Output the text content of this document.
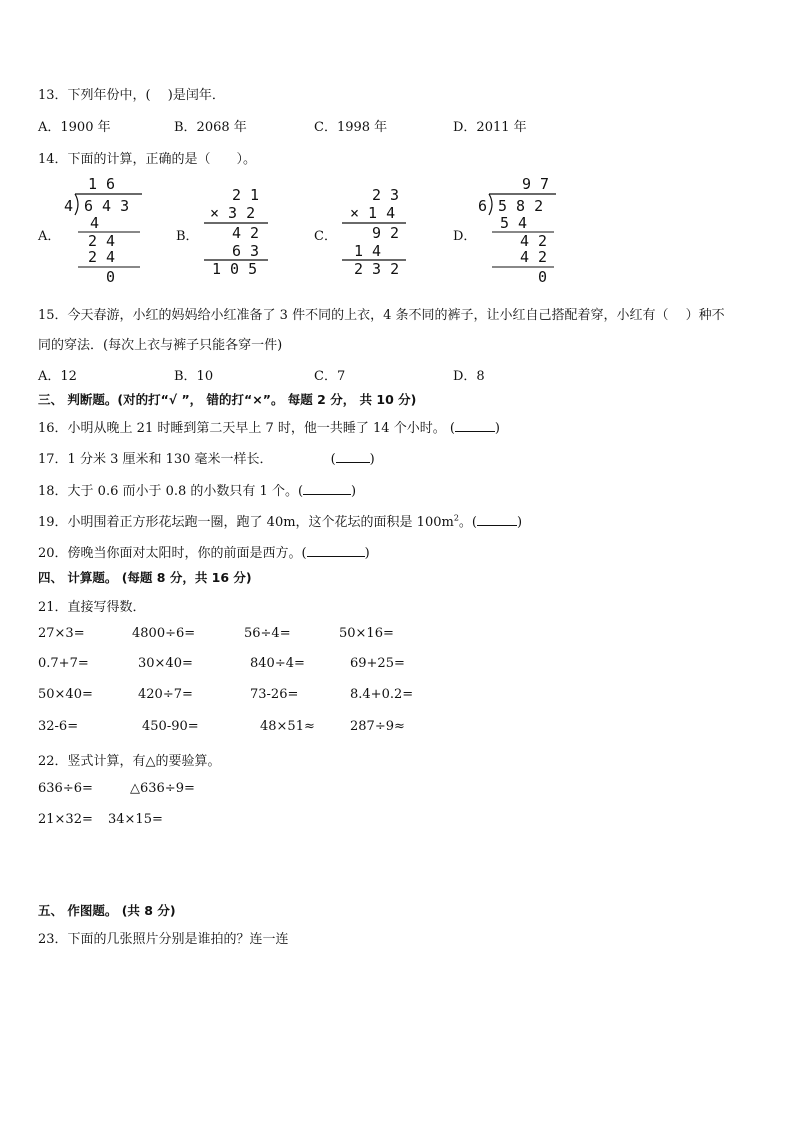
13．下列年份中，(　 )是闰年．
A．1900 年	B．2068 年	C．1998 年	D．2011 年
14．下面的计算，正确的是（　　）。
A．
1 6
4 6 4 3
4
2 4
2 4
0
B．
2 1
× 3 2
4 2
6 3
1 0 5
C．
2 3
× 1 4
9 2
1 4
2 3 2
D．
9 7
6 5 8 2
5 4
4 2
4 2
0
15．今天春游，小红的妈妈给小红准备了 3 件不同的上衣，4 条不同的裤子，让小红自己搭配着穿，小红有（　 ）种不
同的穿法．(每次上衣与裤子只能各穿一件)
A．12	B．10	C．7	D．8
三、 判断题。(对的打“√ ”， 错的打“×”。 每题 2 分， 共 10 分)
16．小明从晚上 21 时睡到第二天早上 7 时，他一共睡了 14 个小时。 (	)
17．1 分米 3 厘米和 130 毫米一样长．	(	)
18．大于 0.6 而小于 0.8 的小数只有 1 个。(	)
19．小明围着正方形花坛跑一圈，跑了 40m，这个花坛的面积是 $100m^2$。(	)
20．傍晚当你面对太阳时，你的前面是西方。(	)
四、 计算题。 (每题 8 分，共 16 分)
21．直接写得数．
27×3=	4800÷6=	56÷4=	50×16=
0.7+7=	30×40=	840÷4=	69+25=
50×40=	420÷7=	73-26=	8.4+0.2=
32-6=	450-90=	48×51≈	287÷9≈
22．竖式计算，有△的要验算。
636÷6=	△636÷9=
21×32= 34×15=
五、 作图题。 (共 8 分)
23．下面的几张照片分别是谁拍的？连一连
